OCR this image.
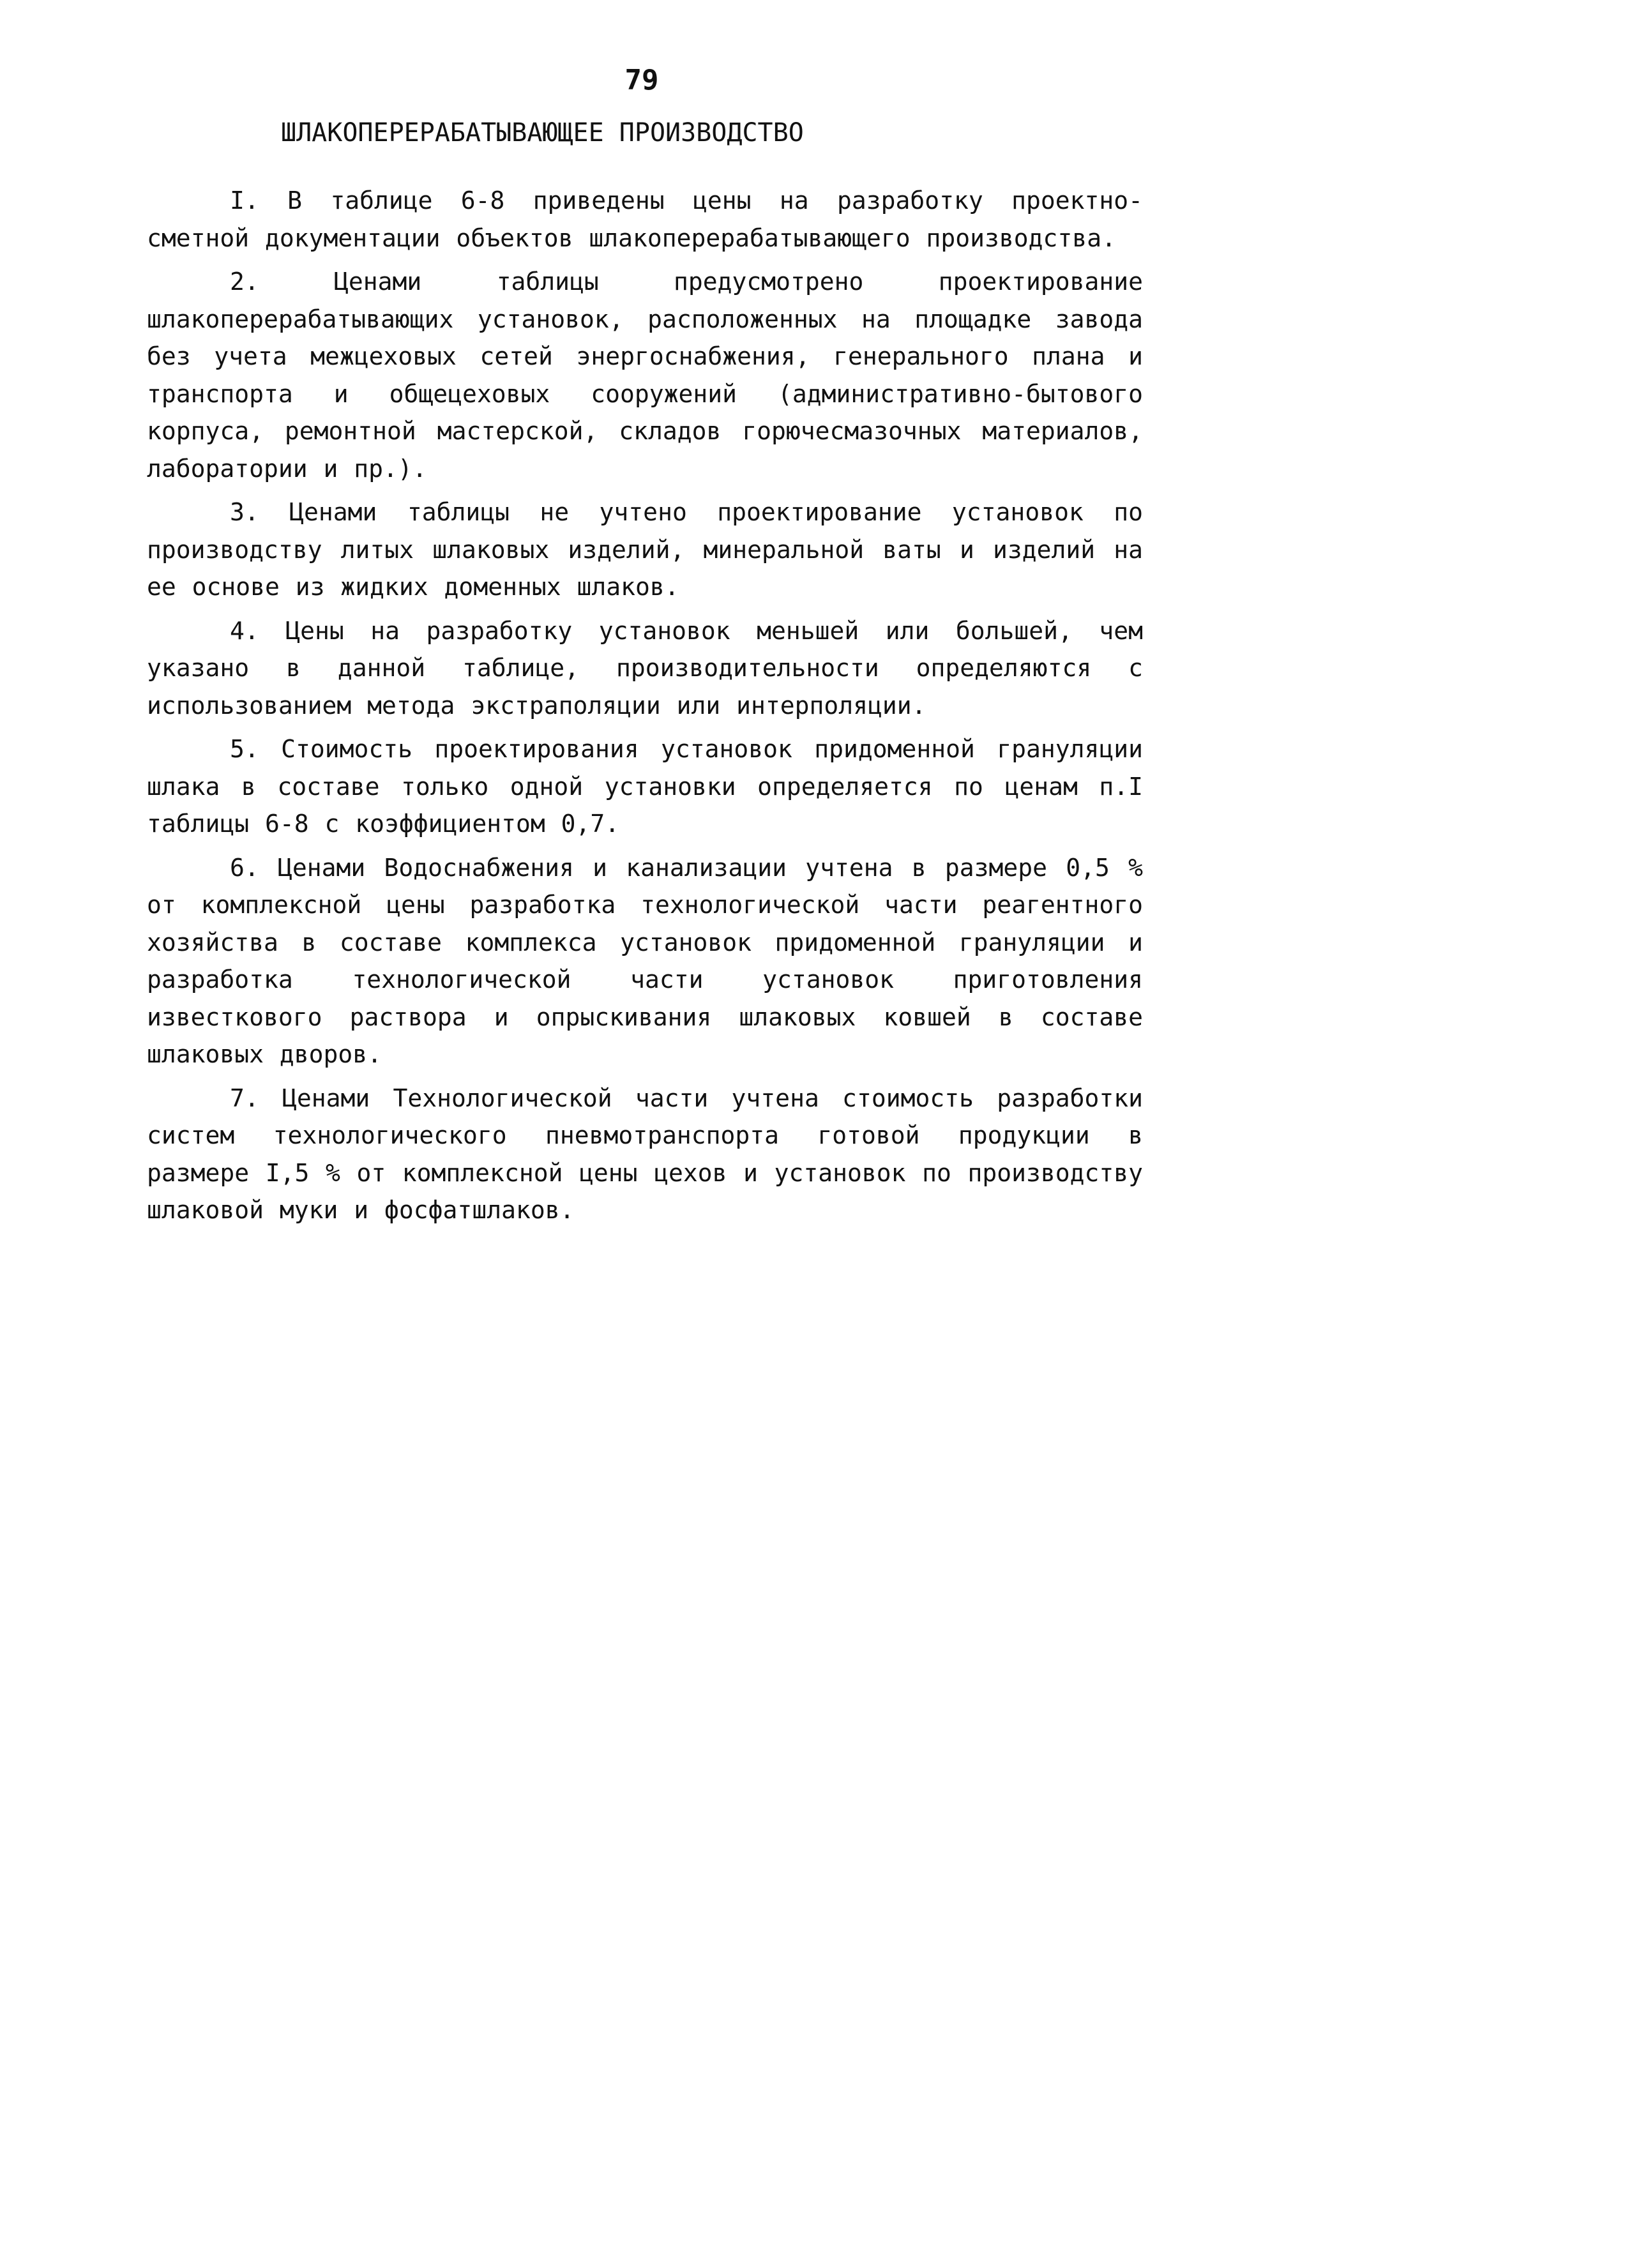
79
ШЛАКОПЕРЕРАБАТЫВАЮЩЕЕ ПРОИЗВОДСТВО

I. В таблице 6-8 приведены цены на разработку проектно-сметной документации объектов шлакоперерабатывающего производства.

2. Ценами таблицы предусмотрено проектирование шлакоперерабатывающих установок, расположенных на площадке завода без учета межцеховых сетей энергоснабжения, генерального плана и транспорта и общецеховых сооружений (административно-бытового корпуса, ремонтной мастерской, складов горючесмазочных материалов, лаборатории и пр.).

3. Ценами таблицы не учтено проектирование установок по производству литых шлаковых изделий, минеральной ваты и изделий на ее основе из жидких доменных шлаков.

4. Цены на разработку установок меньшей или большей, чем указано в данной таблице, производительности определяются с использованием метода экстраполяции или интерполяции.

5. Стоимость проектирования установок придоменной грануляции шлака в составе только одной установки определяется по ценам п.I таблицы 6-8 с коэффициентом 0,7.

6. Ценами Водоснабжения и канализации учтена в размере 0,5 % от комплексной цены разработка технологической части реагентного хозяйства в составе комплекса установок придоменной грануляции и разработка технологической части установок приготовления известкового раствора и опрыскивания шлаковых ковшей в составе шлаковых дворов.

7. Ценами Технологической части учтена стоимость разработки систем технологического пневмотранспорта готовой продукции в размере I,5 % от комплексной цены цехов и установок по производству шлаковой муки и фосфатшлаков.
